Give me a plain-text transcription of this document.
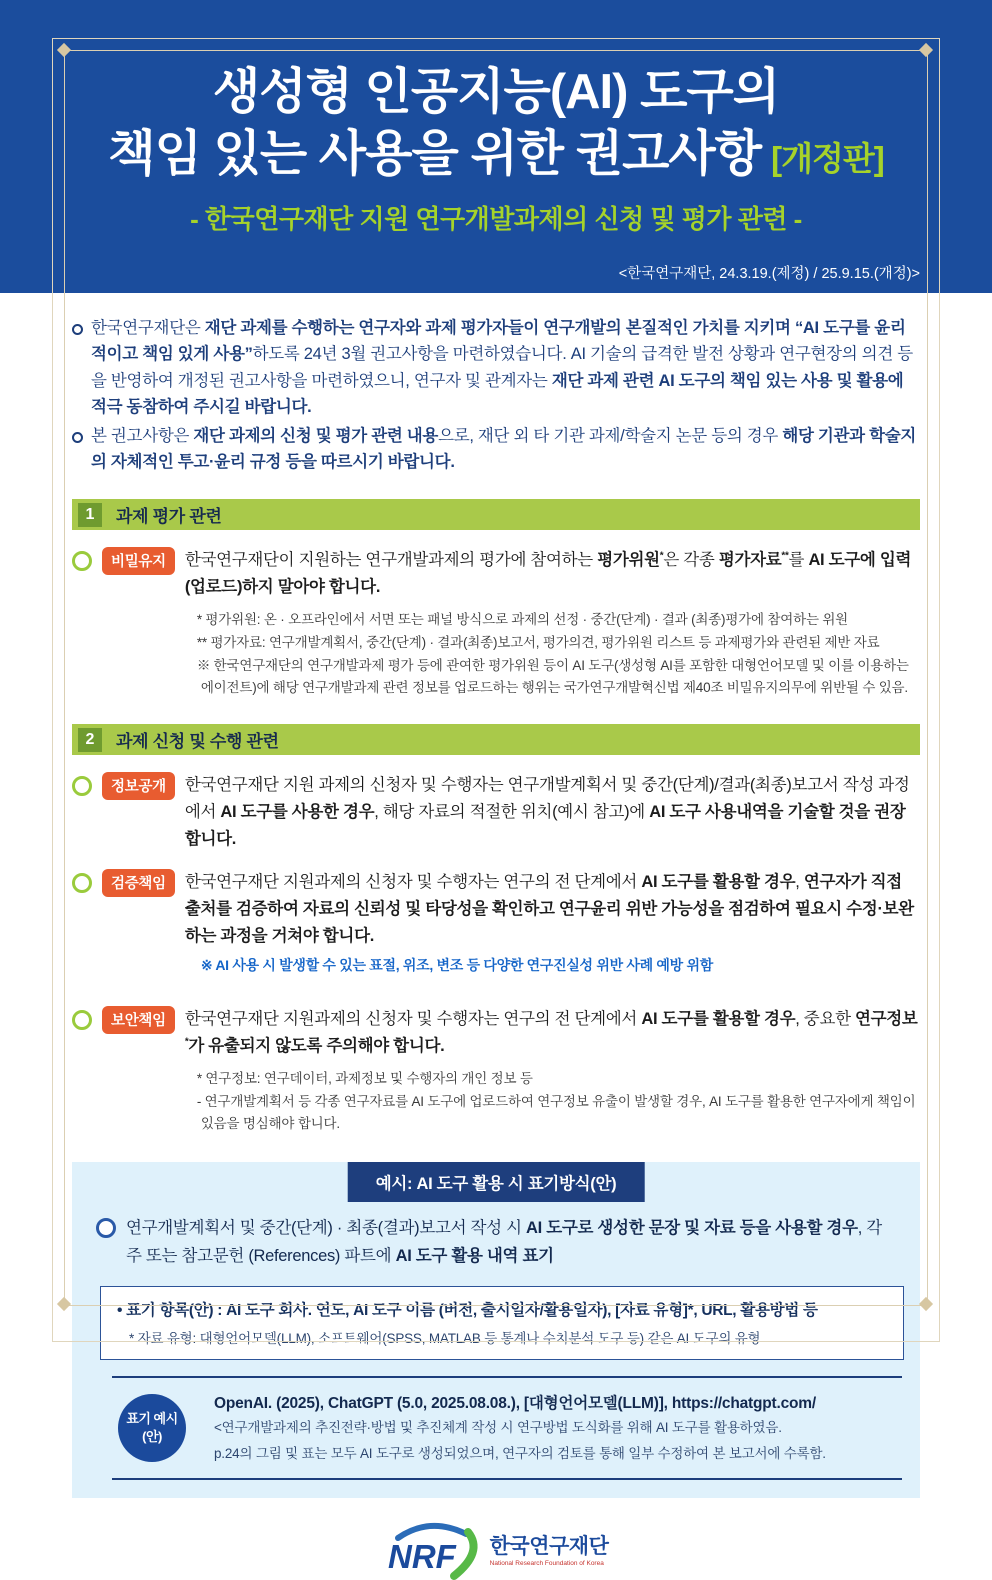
생성형 인공지능(AI) 도구의
책임 있는 사용을 위한 권고사항 [개정판]
- 한국연구재단 지원 연구개발과제의 신청 및 평가 관련 -
<한국연구재단, 24.3.19.(제정) / 25.9.15.(개정)>

한국연구재단은 재단 과제를 수행하는 연구자와 과제 평가자들이 연구개발의 본질적인 가치를 지키며 “AI 도구를 윤리적이고 책임 있게 사용”하도록 24년 3월 권고사항을 마련하였습니다. AI 기술의 급격한 발전 상황과 연구현장의 의견 등을 반영하여 개정된 권고사항을 마련하였으니, 연구자 및 관계자는 재단 과제 관련 AI 도구의 책임 있는 사용 및 활용에 적극 동참하여 주시길 바랍니다.

본 권고사항은 재단 과제의 신청 및 평가 관련 내용으로, 재단 외 타 기관 과제/학술지 논문 등의 경우 해당 기관과 학술지의 자체적인 투고·윤리 규정 등을 따르시기 바랍니다.

1	과제 평가 관련
비밀유지	한국연구재단이 지원하는 연구개발과제의 평가에 참여하는 평가위원*은 각종 평가자료**를 AI 도구에 입력(업로드)하지 말아야 합니다.

* 평가위원: 온 · 오프라인에서 서면 또는 패널 방식으로 과제의 선정 · 중간(단계) · 결과 (최종)평가에 참여하는 위원

** 평가자료: 연구개발계획서, 중간(단계) · 결과(최종)보고서, 평가의견, 평가위원 리스트 등 과제평가와 관련된 제반 자료

※ 한국연구재단의 연구개발과제 평가 등에 관여한 평가위원 등이 AI 도구(생성형 AI를 포함한 대형언어모델 및 이를 이용하는 에이전트)에 해당 연구개발과제 관련 정보를 업로드하는 행위는 국가연구개발혁신법 제40조 비밀유지의무에 위반될 수 있음.

2	과제 신청 및 수행 관련
정보공개	한국연구재단 지원 과제의 신청자 및 수행자는 연구개발계획서 및 중간(단계)/결과(최종)보고서 작성 과정에서 AI 도구를 사용한 경우, 해당 자료의 적절한 위치(예시 참고)에 AI 도구 사용내역을 기술할 것을 권장합니다.

검증책임	한국연구재단 지원과제의 신청자 및 수행자는 연구의 전 단계에서 AI 도구를 활용할 경우, 연구자가 직접 출처를 검증하여 자료의 신뢰성 및 타당성을 확인하고 연구윤리 위반 가능성을 점검하여 필요시 수정·보완하는 과정을 거쳐야 합니다.

※ AI 사용 시 발생할 수 있는 표절, 위조, 변조 등 다양한 연구진실성 위반 사례 예방 위함

보안책임	한국연구재단 지원과제의 신청자 및 수행자는 연구의 전 단계에서 AI 도구를 활용할 경우, 중요한 연구정보*가 유출되지 않도록 주의해야 합니다.

* 연구정보: 연구데이터, 과제정보 및 수행자의 개인 정보 등

- 연구개발계획서 등 각종 연구자료를 AI 도구에 업로드하여 연구정보 유출이 발생할 경우, AI 도구를 활용한 연구자에게 책임이 있음을 명심해야 합니다.

예시: AI 도구 활용 시 표기방식(안)

연구개발계획서 및 중간(단계) · 최종(결과)보고서 작성 시 AI 도구로 생성한 문장 및 자료 등을 사용할 경우, 각주 또는 참고문헌 (References) 파트에 AI 도구 활용 내역 표기

• 표기 항목(안) : AI 도구 회사. 연도, AI 도구 이름 (버전, 출시일자/활용일자), [자료 유형]*, URL, 활용방법 등

* 자료 유형: 대형언어모델(LLM), 소프트웨어(SPSS, MATLAB 등 통계나 수치분석 도구 등) 같은 AI 도구의 유형

표기 예시
(안)

OpenAI. (2025), ChatGPT (5.0, 2025.08.08.), [대형언어모델(LLM)], https://chatgpt.com/

<연구개발과제의 추진전략·방법 및 추진체계 작성 시 연구방법 도식화를 위해 AI 도구를 활용하였음.

p.24의 그림 및 표는 모두 AI 도구로 생성되었으며, 연구자의 검토를 통해 일부 수정하여 본 보고서에 수록함.

NRF 한국연구재단
National Research Foundation of Korea
